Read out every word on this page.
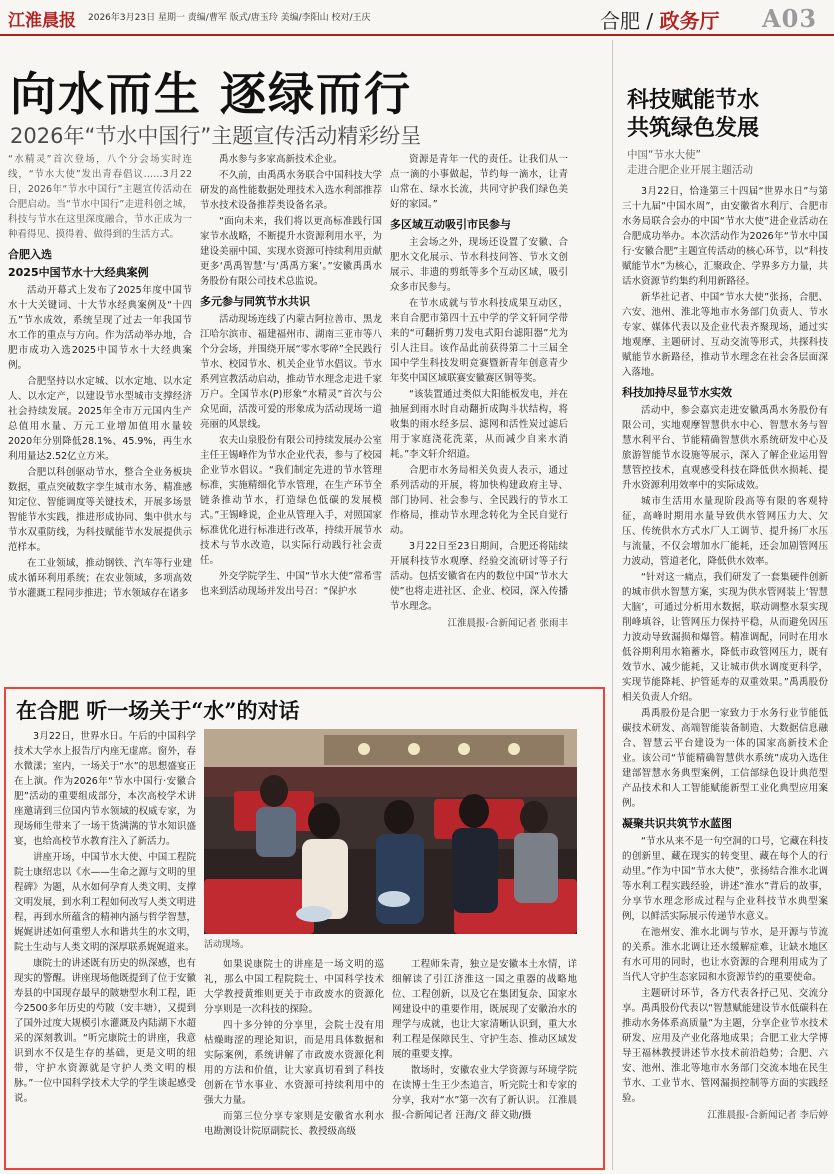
江淮晨报 2026年3月23日 星期一 责编/曹军 版式/唐玉玲 美编/李阳山 校对/王庆	合肥 / 政务厅 A03
向水而生 逐绿而行
2026年“节水中国行”主题宣传活动精彩纷呈

“水精灵”首次登场，八个分会场实时连线，“节水大使”发出青春倡议……3月22日，2026年“节水中国行”主题宣传活动在合肥启动。当“节水中国行”走进科创之城，科技与节水在这里深度融合，节水正成为一种看得见、摸得着、做得到的生活方式。

合肥入选
2025中国节水十大经典案例

活动开幕式上发布了2025年度中国节水十大关键词、十大节水经典案例及“十四五”节水成效，系统呈现了过去一年我国节水工作的重点与方向。作为活动举办地，合肥市成功入选2025中国节水十大经典案例。

合肥坚持以水定城、以水定地、以水定人、以水定产，以建设节水型城市支撑经济社会持续发展。2025年全市万元国内生产总值用水量、万元工业增加值用水量较2020年分别降低28.1%、45.9%，再生水利用量达2.52亿立方米。

合肥以科创驱动节水，整合全业务板块数据，重点突破数字孪生城市水务、精准感知定位、智能调度等关键技术，开展多场景智能节水实践，推进形成协同、集中供水与节水双重防线，为科技赋能节水发展提供示范样本。

在工业领域，推动钢铁、汽车等行业建成水循环利用系统；在农业领域，多项高效节水灌溉工程同步推进；节水领域存在诸多

禹水参与多家高新技术企业。

不久前，由禹禹水务联合中国科技大学研发的高性能数据处理技术入选水利部推荐节水技术设备推荐类设备名录。

“面向未来，我们将以更高标准践行国家节水战略，不断提升水资源利用水平，为建设美丽中国、实现水资源可持续利用贡献更多‘禹禹智慧’与‘禹禹方案’。”安徽禹禹水务股份有限公司技术总监说。

多元参与同筑节水共识

活动现场连线了内蒙古阿拉善市、黑龙江哈尔滨市、福建福州市、湖南三亚市等八个分会场，并围绕开展“零水零碎”全民践行节水、校园节水、机关企业节水倡议。节水系列宣教活动启动，推动节水理念走进千家万户。全国节水(P)形象“水精灵”首次与公众见面，活泼可爱的形象成为活动现场一道亮丽的风景线。

农夫山泉股份有限公司持续发展办公室主任王锡峰作为节水企业代表，参与了校园企业节水倡议。“我们制定先进的节水管理标准，实施精细化节水管理，在生产环节全链条推动节水，打造绿色低碳的发展模式。”王锡峰说，企业从管理入手，对照国家标准优化进行标准进行改革，持续开展节水技术与节水改造，以实际行动践行社会责任。

外交学院学生、中国“节水大使”常希雪也来到活动现场并发出号召：“保护水

资源是青年一代的责任。让我们从一点一滴的小事做起，节约每一滴水，让青山常在、绿水长流，共同守护我们绿色美好的家园。”

多区域互动吸引市民参与

主会场之外，现场还设置了安徽、合肥水文化展示、节水科技问答、节水文创展示、非遗的剪纸等多个互动区域，吸引众多市民参与。

在节水成就与节水科技成果互动区，来自合肥市第四十五中学的学文轩同学带来的“可翻折剪刀发电式阳台滤阳器”尤为引人注目。该作品此前获得第二十三届全国中学生科技发明竞赛暨新青年创意青少年奖中国区域联赛安徽赛区铜等奖。

“该装置通过类似大阳能板发电，并在抽屉到雨水时自动翻折成陶斗状结构，将收集的雨水经多层、滤网和活性炭过滤后用于家庭浇花洗菜，从而减少自来水消耗。”李文轩介绍道。

合肥市水务局相关负责人表示，通过系列活动的开展，将加快构建政府主导、部门协同、社会参与、全民践行的节水工作格局，推动节水理念转化为全民自觉行动。

3月22日至23日期间，合肥还将陆续开展科技节水观摩、经验交流研讨等子行活动。包括安徽省在内的数位中国“节水大使”也将走进社区、企业、校园，深入传播节水理念。

江淮晨报-合新闻记者 张雨丰

在合肥 听一场关于“水”的对话

3月22日，世界水日。午后的中国科学技术大学水上报告厅内座无虚席。窗外，春水微漾；室内，一场关于“水”的思想盛宴正在上演。作为2026年“节水中国行·安徽合肥”活动的重要组成部分，本次高校学术讲座邀请到三位国内节水领域的权威专家，为现场师生带来了一场干货满满的节水知识盛宴，也给高校节水教育注入了新活力。

讲座开场，中国节水大使、中国工程院院士康绍忠以《水——生命之源与文明的里程碑》为题，从水如何孕育人类文明、支撑文明发展，到水利工程如何改写人类文明进程，再到水所蕴含的精神内涵与哲学智慧，娓娓讲述如何重塑人水和谐共生的水文明，院士生动与人类文明的深厚联系娓娓道来。

康院士的讲述既有历史的纵深感，也有现实的警醒。讲座现场他既提到了位于安徽寿县的中国现存最早的陂塘型水利工程，距今2500多年历史的芍陂（安丰塘），又提到了国外过度大规模引水灌溉及内陆湖下水超采的深刻教训。“听完康院士的讲座，我意识到水不仅是生存的基础，更是文明的纽带，守护水资源就是守护人类文明的根脉。”一位中国科学技术大学的学生谈起感受说。

活动现场。

如果说康院士的讲座是一场文明的巡礼，那么中国工程院院士、中国科学技术大学教授黄维则更关于市政废水的资源化分享则是一次科技的探险。

四十多分钟的分享里，会院士没有用枯燥晦涩的理论知识，而是用具体数据和实际案例，系统讲解了市政废水资源化利用的方法和价值，让大家真切看到了科技创新在节水事业、水资源可持续利用中的强大力量。

而第三位分享专家则是安徽省水利水电勘测设计院原副院长、教授级高级

工程师朱青，独立是安徽本土水情，详细解读了引江济淮这一国之重器的战略地位、工程创新，以及它在集团复杂、国家水网建设中的重要作用，既展现了安徽治水的理学与成就，也让大家清晰认识到，重大水利工程是保障民生、守护生态、推动区域发展的重要支撑。

散场时，安徽农业大学资源与环境学院在读博士生王少杰追言，听完院士和专家的分享，我对“水”第一次有了新认识。 江淮晨报-合新闻记者 汪海/文 薛文勋/摄

科技赋能节水
共筑绿色发展
中国“节水大使”
走进合肥企业开展主题活动

3月22日，恰逢第三十四届“世界水日”与第三十九届“中国水周”，由安徽省水利厅、合肥市水务局联合会办的中国“节水大使”进企业活动在合肥成功举办。本次活动作为2026年“节水中国行·安徽合肥”主题宣传活动的核心环节，以“科技赋能节水”为核心，汇聚政企、学界多方力量，共话水资源节约集约利用新路径。

新华社记者、中国“节水大使”张扬，合肥、六安、池州、淮北等地市水务部门负责人、节水专家、媒体代表以及企业代表齐聚现场，通过实地观摩、主题研讨、互动交流等形式，共探科技赋能节水新路径，推动节水理念在社会各层面深入落地。

科技加持尽显节水实效

活动中，参会嘉宾走进安徽禹禹水务股份有限公司，实地观摩智慧供水中心、智慧水务与智慧水利平台、节能精确智慧供水系统研发中心及旅游智能节水设施等展示，深入了解企业运用智慧管控技术，直观感受科技在降低供水损耗、提升水资源利用效率中的实际成效。

城市生活用水量现阶段高等有限的客观特征，高峰时期用水量导致供水管网压力大、欠压、传统供水方式水厂人工调节、提升扬厂水压与流量，不仅会增加水厂能耗，还会加剧管网压力波动，管道老化，降低供水效率。

“针对这一痛点，我们研发了一套集硬件创新的城市供水智慧方案，实现为供水管网装上‘智慧大脑’，可通过分析用水数据，联动调整水泵实现削峰填谷，让管网压力保持平稳，从而避免因压力波动导致漏损和爆管。精准调配，同时在用水低谷期利用水箱蓄水，降低市政管网压力，既有效节水、减少能耗，又让城市供水调度更科学，实现节能降耗、护管延寿的双重效果。”禹禹股份相关负责人介绍。

禹禹股份是合肥一家致力于水务行业节能低碳技术研发、高端智能装备制造、大数据信息融合、智慧云平台建设为一体的国家高新技术企业。该公司“节能精确智慧供水系统”成功入选住建部智慧水务典型案例，工信部绿色设计典范型产品技术和人工智能赋能新型工业化典型应用案例。

凝聚共识共筑节水蓝图

“节水从来不是一句空洞的口号，它藏在科技的创新里、藏在现实的转变里、藏在每个人的行动里。”作为中国“节水大使”，张扬结合淮水北调等水利工程实践经验，讲述“淮水”背后的故事，分享节水理念形成过程与企业科技节水典型案例，以鲜活实际展示传递节水意义。

在池州安、淮水北调与节水，是开源与节流的关系。淮水北调让还水缓解症难，让缺水地区有水可用的同时，也让水资源的合理利用成为了当代人守护生态家园和水资源节约的重要使命。

主题研讨环节，各方代表各抒己见、交流分享。禹禹股份代表以“智慧赋能建设节水低碳科在推动水务体系高质量”为主题，分享企业节水技术研发、应用及产业化落地成果；合肥工业大学博导王福林教授讲述节水技术前沿趋势；合肥、六安、池州、淮北等地市水务部门交流本地在民生节水、工业节水、管网漏损控制等方面的实践经验。

江淮晨报-合新闻记者 李后婷
